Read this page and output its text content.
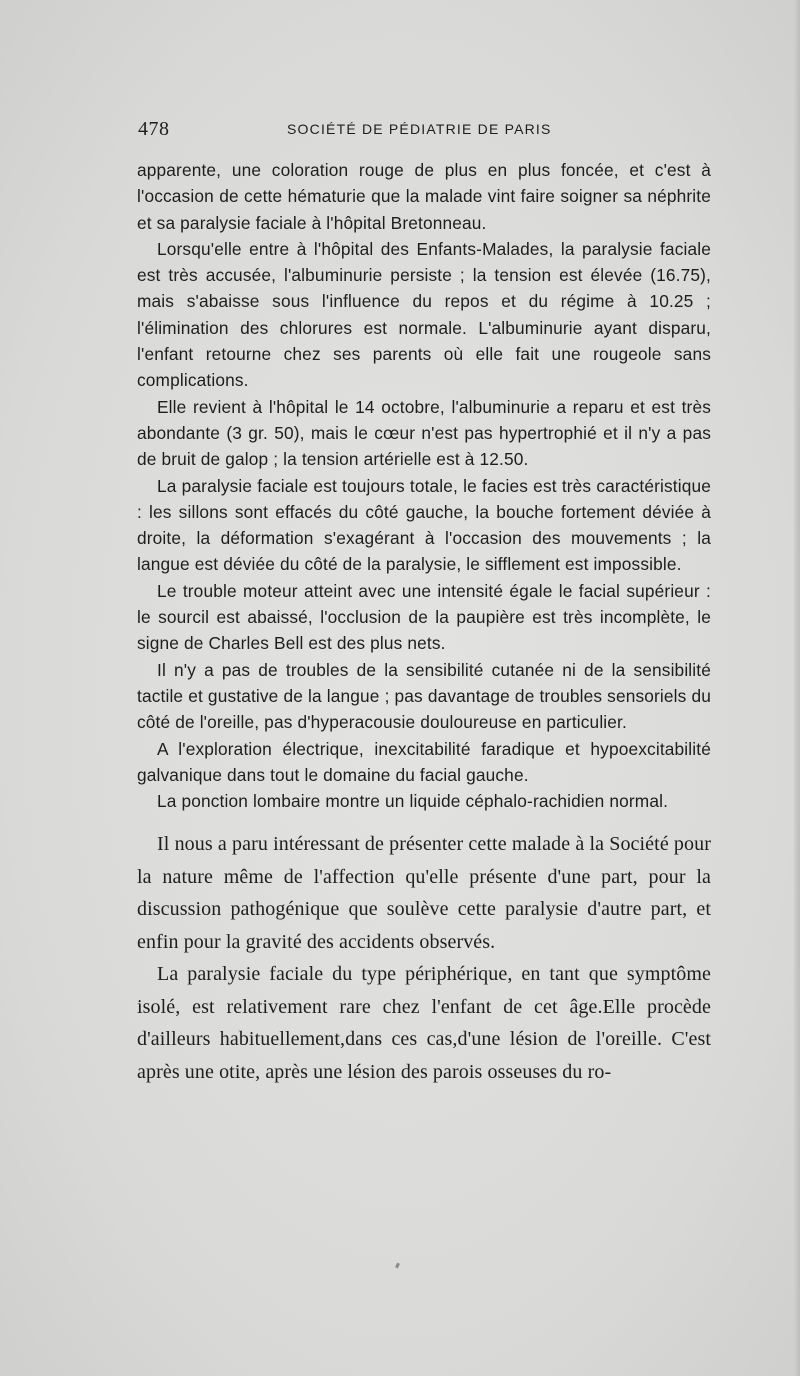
478	SOCIÉTÉ DE PÉDIATRIE DE PARIS

apparente, une coloration rouge de plus en plus foncée, et c'est à l'occasion de cette hématurie que la malade vint faire soigner sa néphrite et sa paralysie faciale à l'hôpital Bretonneau.

Lorsqu'elle entre à l'hôpital des Enfants-Malades, la paralysie faciale est très accusée, l'albuminurie persiste ; la tension est élevée (16.75), mais s'abaisse sous l'influence du repos et du régime à 10.25 ; l'élimination des chlorures est normale. L'albuminurie ayant disparu, l'enfant retourne chez ses parents où elle fait une rougeole sans complications.

Elle revient à l'hôpital le 14 octobre, l'albuminurie a reparu et est très abondante (3 gr. 50), mais le cœur n'est pas hypertrophié et il n'y a pas de bruit de galop ; la tension artérielle est à 12.50.

La paralysie faciale est toujours totale, le facies est très caractéristique : les sillons sont effacés du côté gauche, la bouche fortement déviée à droite, la déformation s'exagérant à l'occasion des mouvements ; la langue est déviée du côté de la paralysie, le sifflement est impossible.

Le trouble moteur atteint avec une intensité égale le facial supérieur : le sourcil est abaissé, l'occlusion de la paupière est très incomplète, le signe de Charles Bell est des plus nets.

Il n'y a pas de troubles de la sensibilité cutanée ni de la sensibilité tactile et gustative de la langue ; pas davantage de troubles sensoriels du côté de l'oreille, pas d'hyperacousie douloureuse en particulier.

A l'exploration électrique, inexcitabilité faradique et hypoexcitabilité galvanique dans tout le domaine du facial gauche.

La ponction lombaire montre un liquide céphalo-rachidien normal.

Il nous a paru intéressant de présenter cette malade à la Société pour la nature même de l'affection qu'elle présente d'une part, pour la discussion pathogénique que soulève cette paralysie d'autre part, et enfin pour la gravité des accidents observés.

La paralysie faciale du type périphérique, en tant que symptôme isolé, est relativement rare chez l'enfant de cet âge.Elle procède d'ailleurs habituellement,dans ces cas,d'une lésion de l'oreille. C'est après une otite, après une lésion des parois osseuses du ro-
